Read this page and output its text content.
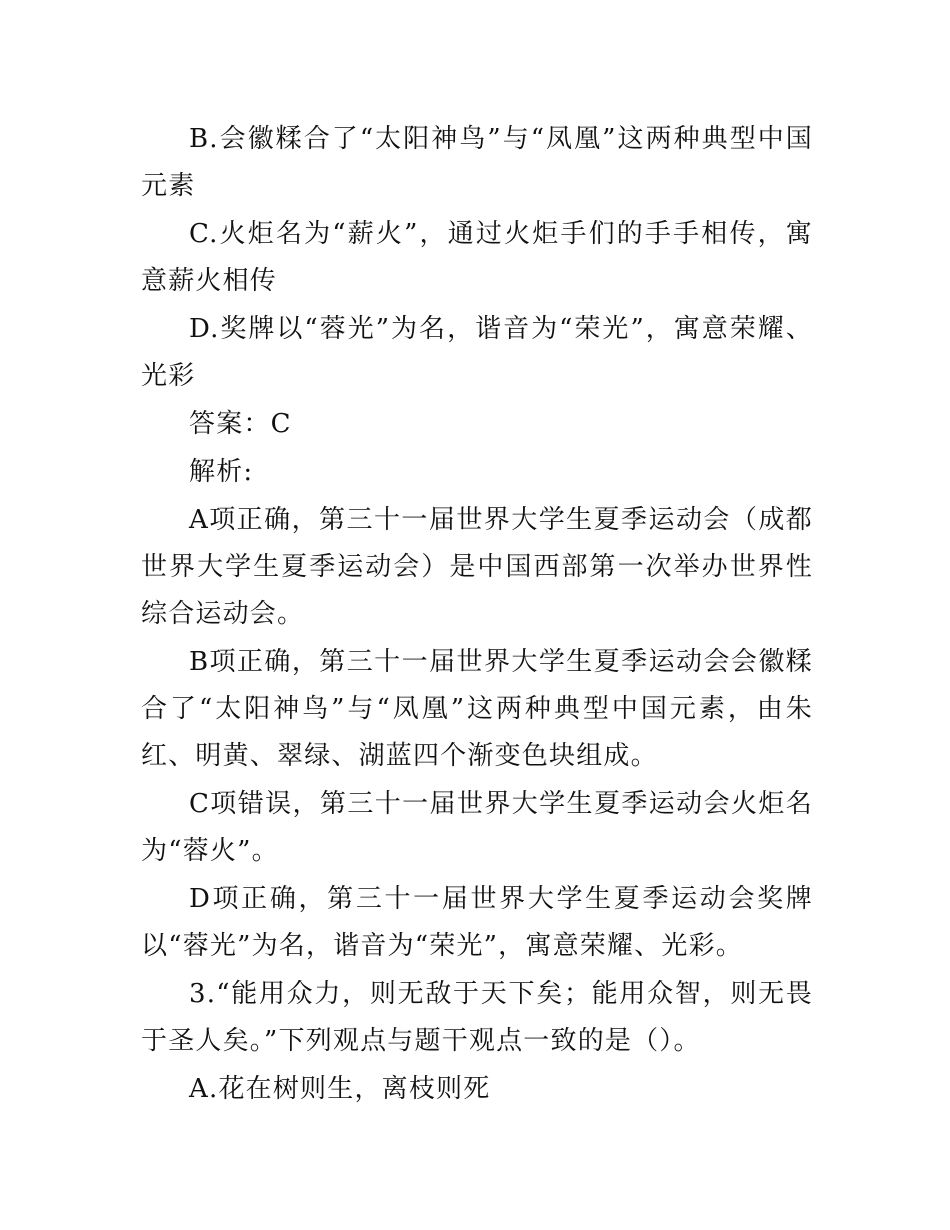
B.会徽糅合了“太阳神鸟”与“凤凰”这两种典型中国元素

C.火炬名为“薪火”，通过火炬手们的手手相传，寓意薪火相传

D.奖牌以“蓉光”为名，谐音为“荣光”，寓意荣耀、光彩

答案：C

解析:

A项正确，第三十一届世界大学生夏季运动会（成都世界大学生夏季运动会）是中国西部第一次举办世界性综合运动会。

B项正确，第三十一届世界大学生夏季运动会会徽糅合了“太阳神鸟”与“凤凰”这两种典型中国元素，由朱红、明黄、翠绿、湖蓝四个渐变色块组成。

C项错误，第三十一届世界大学生夏季运动会火炬名为“蓉火”。

D项正确，第三十一届世界大学生夏季运动会奖牌以“蓉光”为名，谐音为“荣光”，寓意荣耀、光彩。

3.“能用众力，则无敌于天下矣；能用众智，则无畏于圣人矣。”下列观点与题干观点一致的是（）。

A.花在树则生，离枝则死
